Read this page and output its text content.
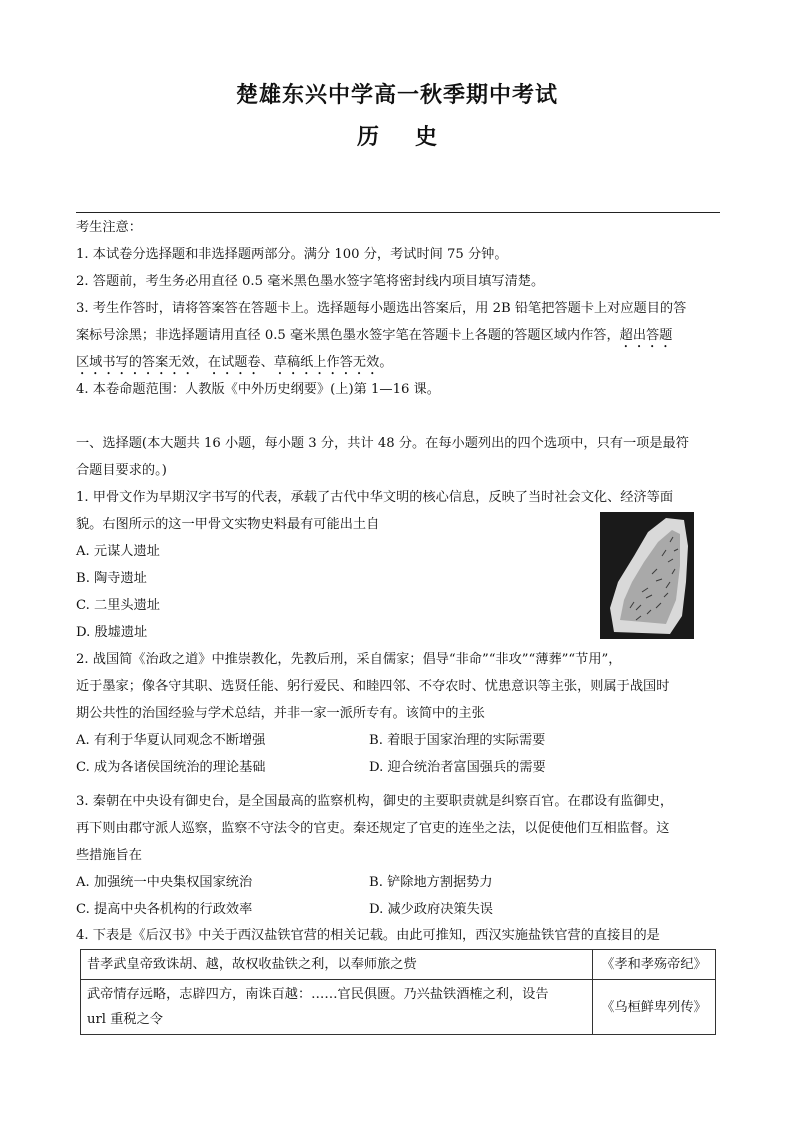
楚雄东兴中学高一秋季期中考试
历 史
考生注意：
1. 本试卷分选择题和非选择题两部分。满分 100 分，考试时间 75 分钟。
2. 答题前，考生务必用直径 0.5 毫米黑色墨水签字笔将密封线内项目填写清楚。
3. 考生作答时，请将答案答在答题卡上。选择题每小题选出答案后，用 2B 铅笔把答题卡上对应题目的答
案标号涂黑；非选择题请用直径 0.5 毫米黑色墨水签字笔在答题卡上各题的答题区域内作答，超出答题
区域书写的答案无效，在试题卷、草稿纸上作答无效。
4. 本卷命题范围：人教版《中外历史纲要》(上)第 1—16 课。
一、选择题(本大题共 16 小题，每小题 3 分，共计 48 分。在每小题列出的四个选项中，只有一项是最符
合题目要求的。)
1. 甲骨文作为早期汉字书写的代表，承载了古代中华文明的核心信息，反映了当时社会文化、经济等面
貌。右图所示的这一甲骨文实物史料最有可能出土自
A. 元谋人遗址
B. 陶寺遗址
C. 二里头遗址
D. 殷墟遗址
2. 战国简《治政之道》中推崇教化，先教后刑，采自儒家；倡导“非命”“非攻”“薄葬”“节用”，
近于墨家；像各守其职、选贤任能、躬行爱民、和睦四邻、不夺农时、忧患意识等主张，则属于战国时
期公共性的治国经验与学术总结，并非一家一派所专有。该简中的主张
A. 有利于华夏认同观念不断增强	B. 着眼于国家治理的实际需要
C. 成为各诸侯国统治的理论基础	D. 迎合统治者富国强兵的需要
3. 秦朝在中央设有御史台，是全国最高的监察机构，御史的主要职责就是纠察百官。在郡设有监御史，
再下则由郡守派人巡察，监察不守法令的官吏。秦还规定了官吏的连坐之法，以促使他们互相监督。这
些措施旨在
A. 加强统一中央集权国家统治	B. 铲除地方割据势力
C. 提高中央各机构的行政效率	D. 减少政府决策失误
4. 下表是《后汉书》中关于西汉盐铁官营的相关记载。由此可推知，西汉实施盐铁官营的直接目的是
昔孝武皇帝致诛胡、越，故权收盐铁之利，以奉师旅之赀	《孝和孝殇帝纪》

武帝情存远略，志辟四方，南诛百越：……官民俱匮。乃兴盐铁酒榷之利，设告
url 重税之令	《乌桓鲜卑列传》
